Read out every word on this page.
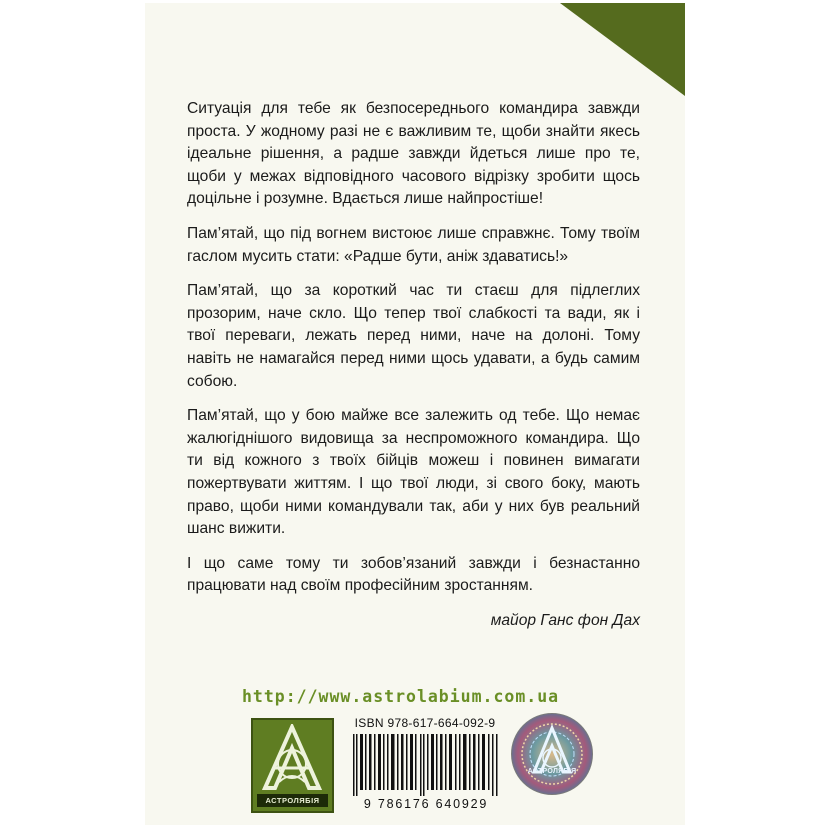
Ситуація для тебе як безпосереднього командира завжди проста. У жодному разі не є важливим те, щоби знайти якесь ідеальне рішення, а радше завжди йдеться лише про те, щоби у межах відповідного часового відрізку зробити щось доцільне і розумне. Вдається лише найпростіше!

Пам’ятай, що під вогнем вистоює лише справжнє. Тому твоїм гаслом мусить стати: «Радше бути, аніж здаватись!»

Пам’ятай, що за короткий час ти стаєш для підлеглих прозорим, наче скло. Що тепер твої слабкості та вади, як і твої переваги, лежать перед ними, наче на долоні. Тому навіть не намагайся перед ними щось удавати, а будь самим собою.

Пам’ятай, що у бою майже все залежить од тебе. Що немає жалюгіднішого видовища за неспроможного командира. Що ти від кожного з твоїх бійців можеш і повинен вимагати пожертвувати життям. І що твої люди, зі свого боку, мають право, щоби ними командували так, аби у них був реальний шанс вижити.

І що саме тому ти зобов’язаний завжди і безнастанно працювати над своїм професійним зростанням.

майор Ганс фон Дах
http://www.astrolabium.com.ua
АСТРОЛЯБІЯ
ISBN 978-617-664-092-9
9 786176 640929
АСТРОЛЯБІЯ
